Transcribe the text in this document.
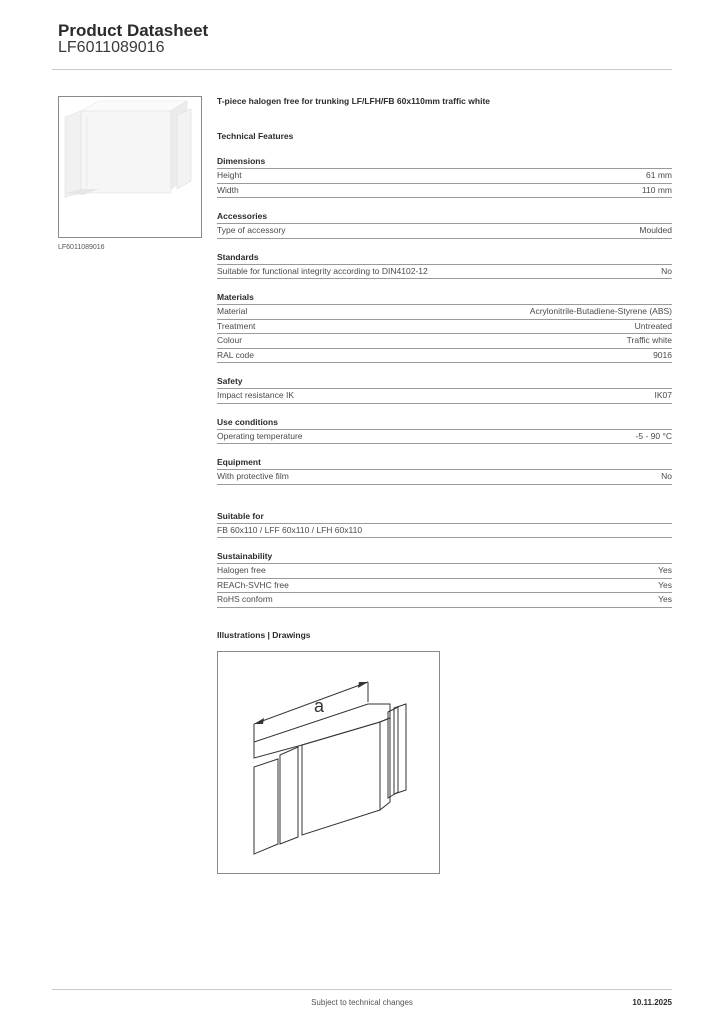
Product Datasheet
LF6011089016
LF6011089016
T-piece halogen free for trunking LF/LFH/FB 60x110mm traffic white
Technical Features
Dimensions
Height	61 mm
Width	110 mm
Accessories
Type of accessory	Moulded
Standards
Suitable for functional integrity according to DIN4102-12	No
Materials
Material	Acrylonitrile-Butadiene-Styrene (ABS)
Treatment	Untreated
Colour	Traffic white
RAL code	9016
Safety
Impact resistance IK	IK07
Use conditions
Operating temperature	-5 - 90 °C
Equipment
With protective film	No
Suitable for
FB 60x110 / LFF 60x110 / LFH 60x110
Sustainability
Halogen free	Yes
REACh-SVHC free	Yes
RoHS conform	Yes
Illustrations | Drawings
a
Subject to technical changes	10.11.2025
